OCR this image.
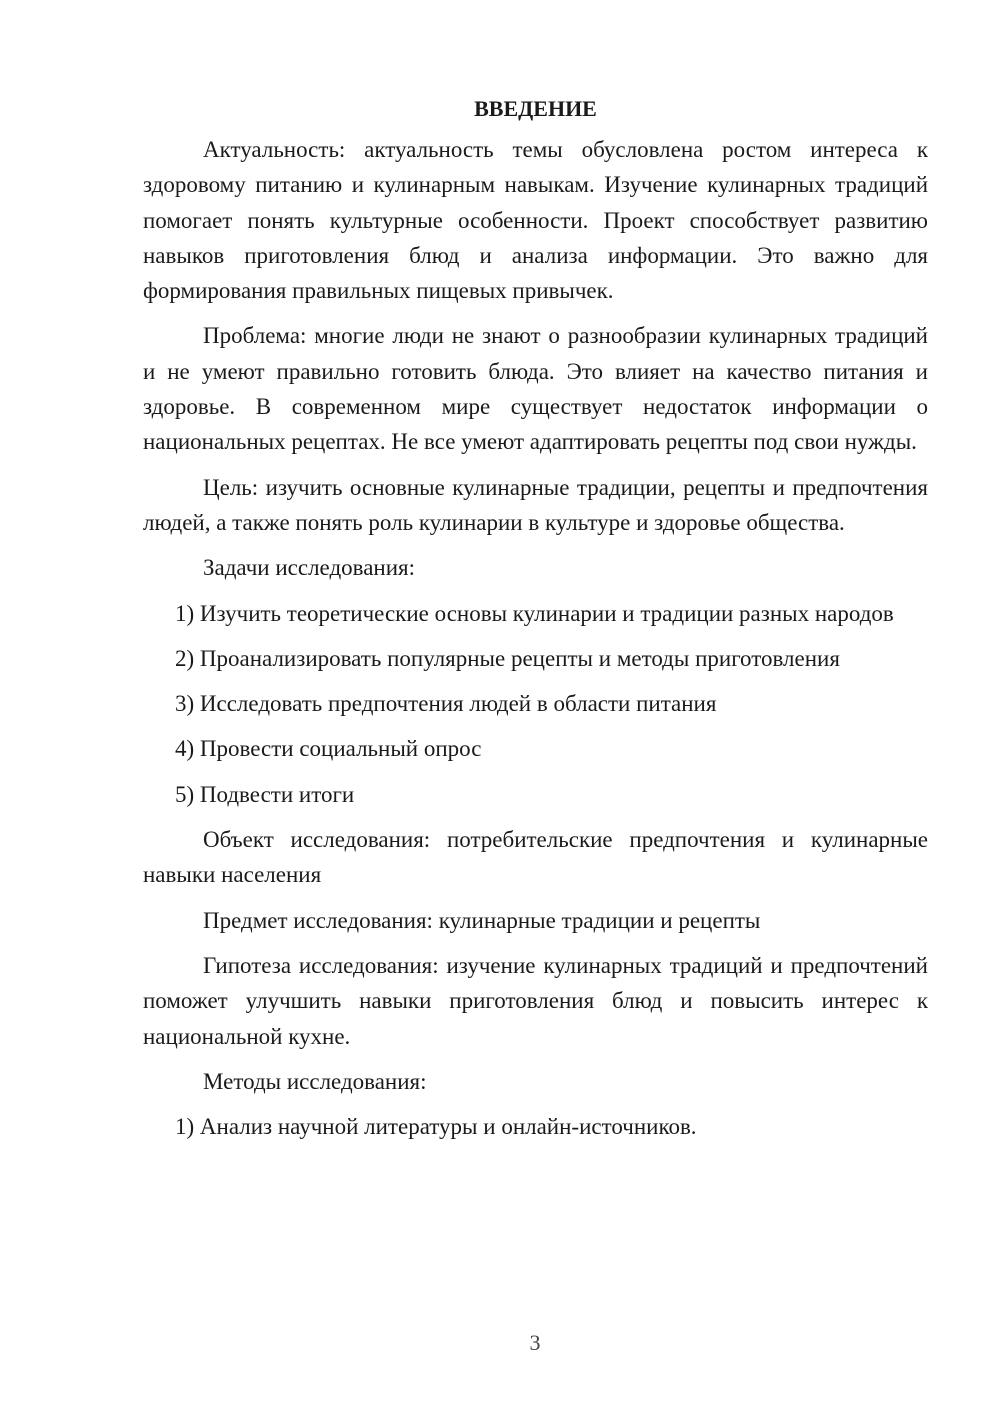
ВВЕДЕНИЕ

Актуальность: актуальность темы обусловлена ростом интереса к здоровому питанию и кулинарным навыкам. Изучение кулинарных традиций помогает понять культурные особенности. Проект способствует развитию навыков приготовления блюд и анализа информации. Это важно для формирования правильных пищевых привычек.

Проблема: многие люди не знают о разнообразии кулинарных традиций и не умеют правильно готовить блюда. Это влияет на качество питания и здоровье. В современном мире существует недостаток информации о национальных рецептах. Не все умеют адаптировать рецепты под свои нужды.

Цель: изучить основные кулинарные традиции, рецепты и предпочтения людей, а также понять роль кулинарии в культуре и здоровье общества.

Задачи исследования:

1) Изучить теоретические основы кулинарии и традиции разных народов

2) Проанализировать популярные рецепты и методы приготовления

3) Исследовать предпочтения людей в области питания

4) Провести социальный опрос

5) Подвести итоги

Объект исследования: потребительские предпочтения и кулинарные навыки населения

Предмет исследования: кулинарные традиции и рецепты

Гипотеза исследования: изучение кулинарных традиций и предпочтений поможет улучшить навыки приготовления блюд и повысить интерес к национальной кухне.

Методы исследования:

1) Анализ научной литературы и онлайн-источников.

3
